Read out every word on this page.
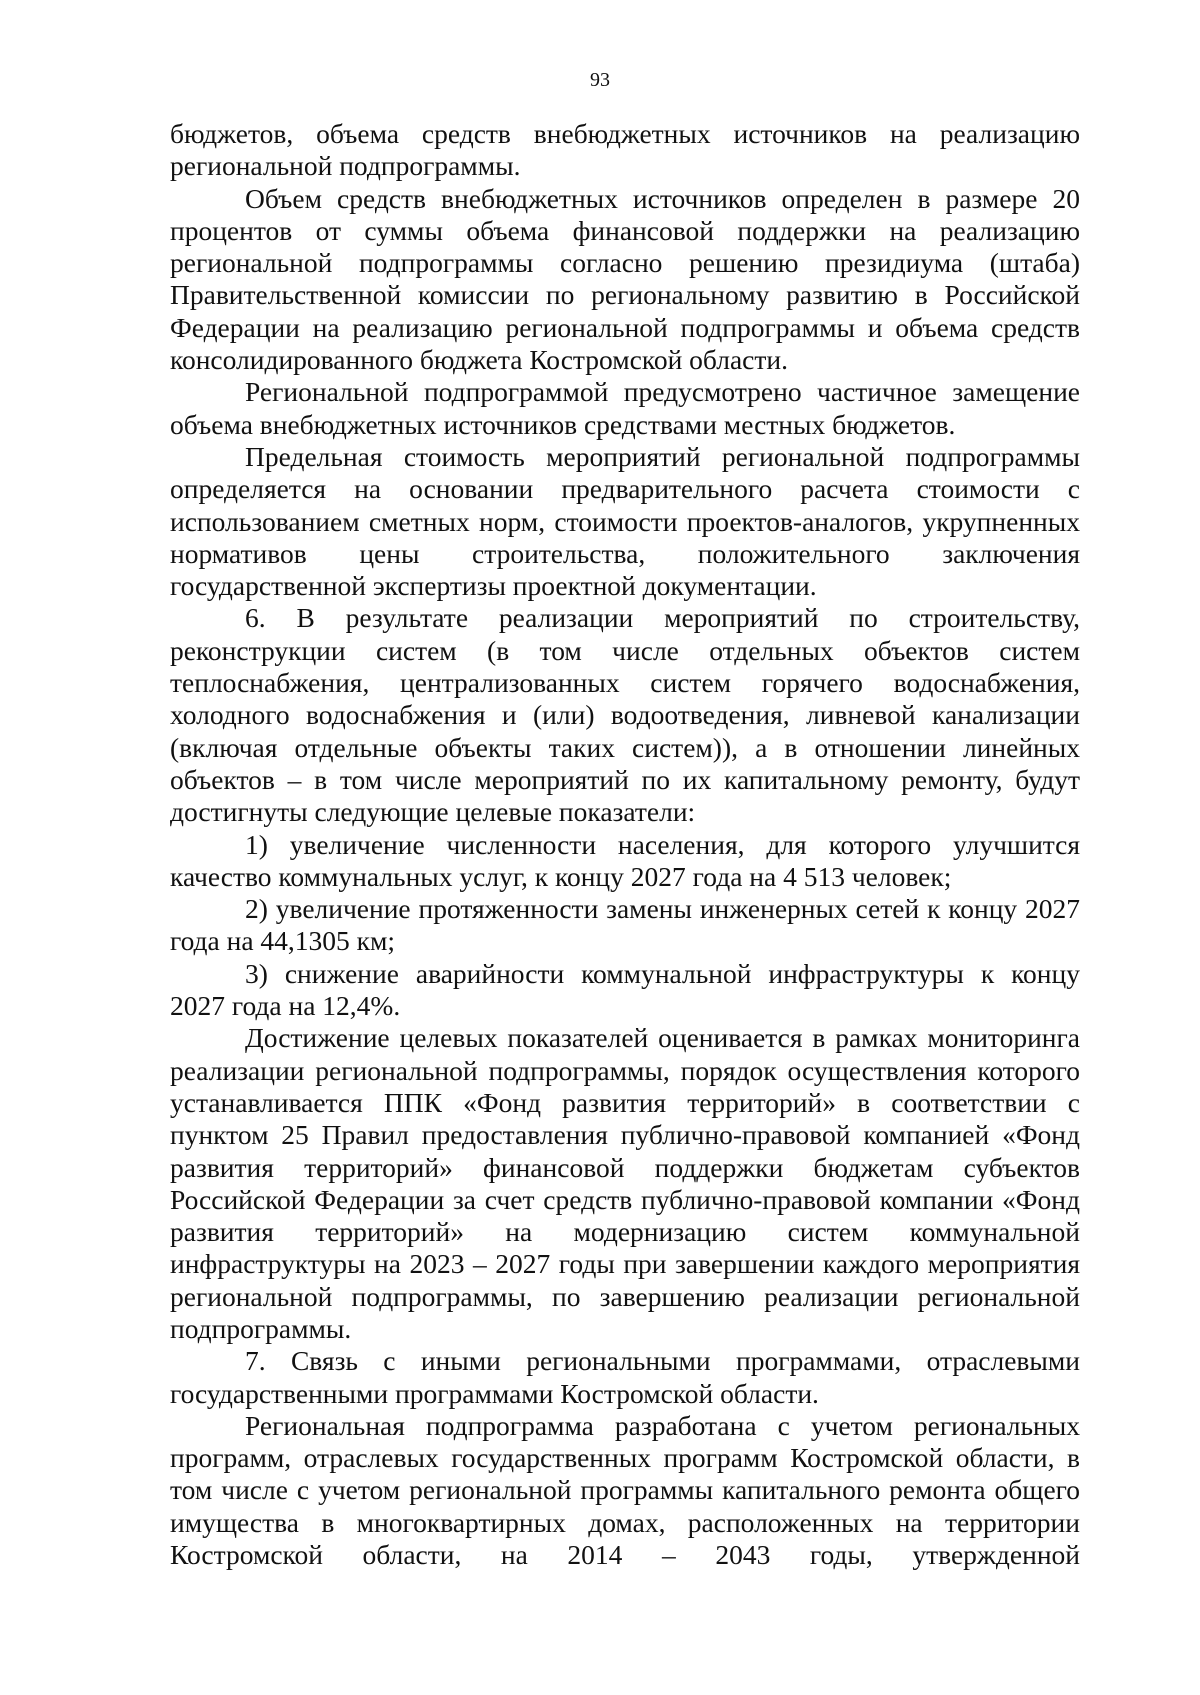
93

бюджетов, объема средств внебюджетных источников на реализацию региональной подпрограммы.

Объем средств внебюджетных источников определен в размере 20 процентов от суммы объема финансовой поддержки на реализацию региональной подпрограммы согласно решению президиума (штаба) Правительственной комиссии по региональному развитию в Российской Федерации на реализацию региональной подпрограммы и объема средств консолидированного бюджета Костромской области.

Региональной подпрограммой предусмотрено частичное замещение объема внебюджетных источников средствами местных бюджетов.

Предельная стоимость мероприятий региональной подпрограммы определяется на основании предварительного расчета стоимости с использованием сметных норм, стоимости проектов-аналогов, укрупненных нормативов цены строительства, положительного заключения государственной экспертизы проектной документации.

6. В результате реализации мероприятий по строительству, реконструкции систем (в том числе отдельных объектов систем теплоснабжения, централизованных систем горячего водоснабжения, холодного водоснабжения и (или) водоотведения, ливневой канализации (включая отдельные объекты таких систем)), а в отношении линейных объектов – в том числе мероприятий по их капитальному ремонту, будут достигнуты следующие целевые показатели:

1) увеличение численности населения, для которого улучшится качество коммунальных услуг, к концу 2027 года на 4 513 человек;

2) увеличение протяженности замены инженерных сетей к концу 2027 года на 44,1305 км;

3) снижение аварийности коммунальной инфраструктуры к концу 2027 года на 12,4%.

Достижение целевых показателей оценивается в рамках мониторинга реализации региональной подпрограммы, порядок осуществления которого устанавливается ППК «Фонд развития территорий» в соответствии с пунктом 25 Правил предоставления публично-правовой компанией «Фонд развития территорий» финансовой поддержки бюджетам субъектов Российской Федерации за счет средств публично-правовой компании «Фонд развития территорий» на модернизацию систем коммунальной инфраструктуры на 2023 – 2027 годы при завершении каждого мероприятия региональной подпрограммы, по завершению реализации региональной подпрограммы.

7. Связь с иными региональными программами, отраслевыми государственными программами Костромской области.

Региональная подпрограмма разработана с учетом региональных программ, отраслевых государственных программ Костромской области, в том числе с учетом региональной программы капитального ремонта общего имущества в многоквартирных домах, расположенных на территории Костромской области, на 2014 – 2043 годы, утвержденной
